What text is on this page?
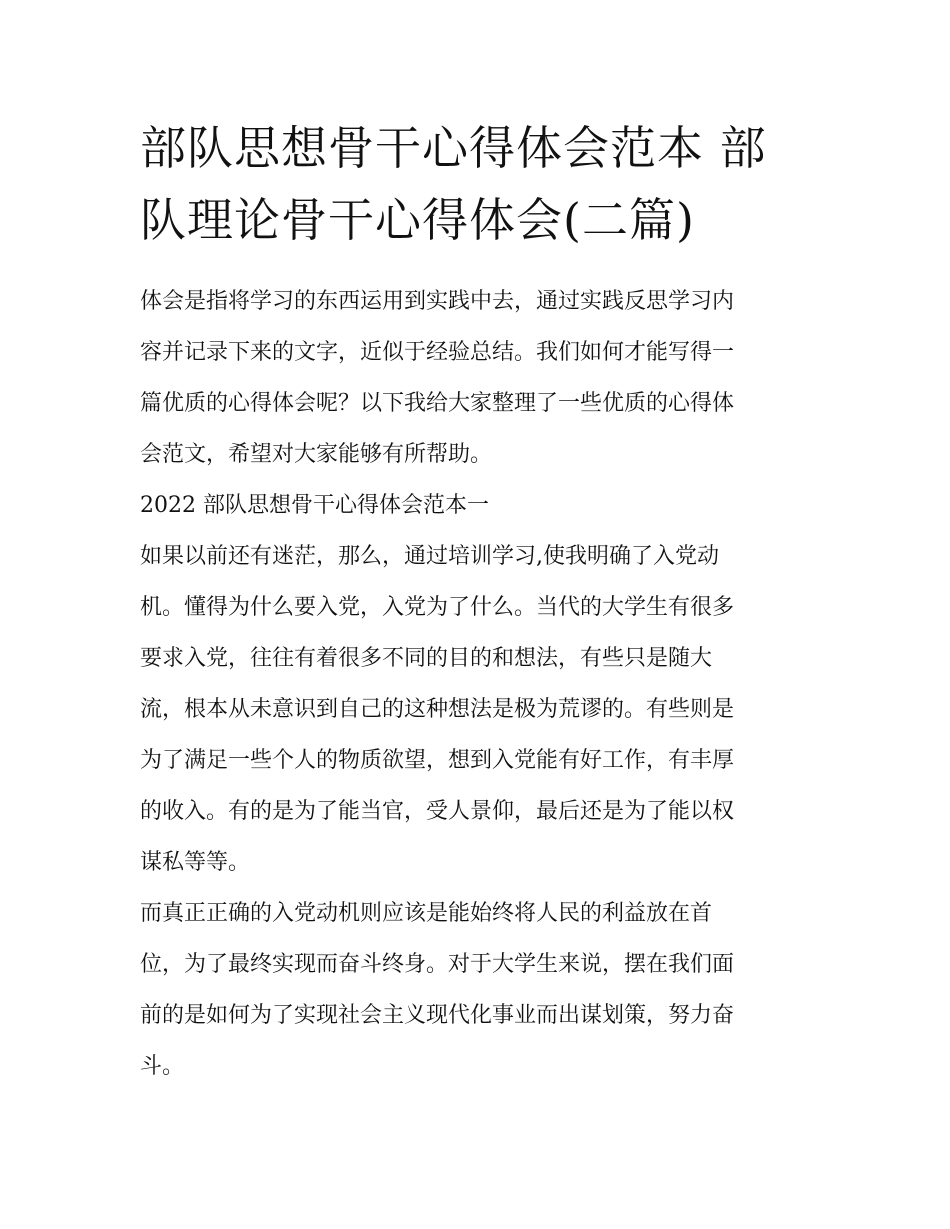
部队思想骨干心得体会范本 部
队理论骨干心得体会(二篇)
体会是指将学习的东西运用到实践中去，通过实践反思学习内
容并记录下来的文字，近似于经验总结。我们如何才能写得一
篇优质的心得体会呢？以下我给大家整理了一些优质的心得体
会范文，希望对大家能够有所帮助。
2022 部队思想骨干心得体会范本一
如果以前还有迷茫，那么，通过培训学习,使我明确了入党动
机。懂得为什么要入党，入党为了什么。当代的大学生有很多
要求入党，往往有着很多不同的目的和想法，有些只是随大
流，根本从未意识到自己的这种想法是极为荒谬的。有些则是
为了满足一些个人的物质欲望，想到入党能有好工作，有丰厚
的收入。有的是为了能当官，受人景仰，最后还是为了能以权
谋私等等。
而真正正确的入党动机则应该是能始终将人民的利益放在首
位，为了最终实现而奋斗终身。对于大学生来说，摆在我们面
前的是如何为了实现社会主义现代化事业而出谋划策，努力奋
斗。
